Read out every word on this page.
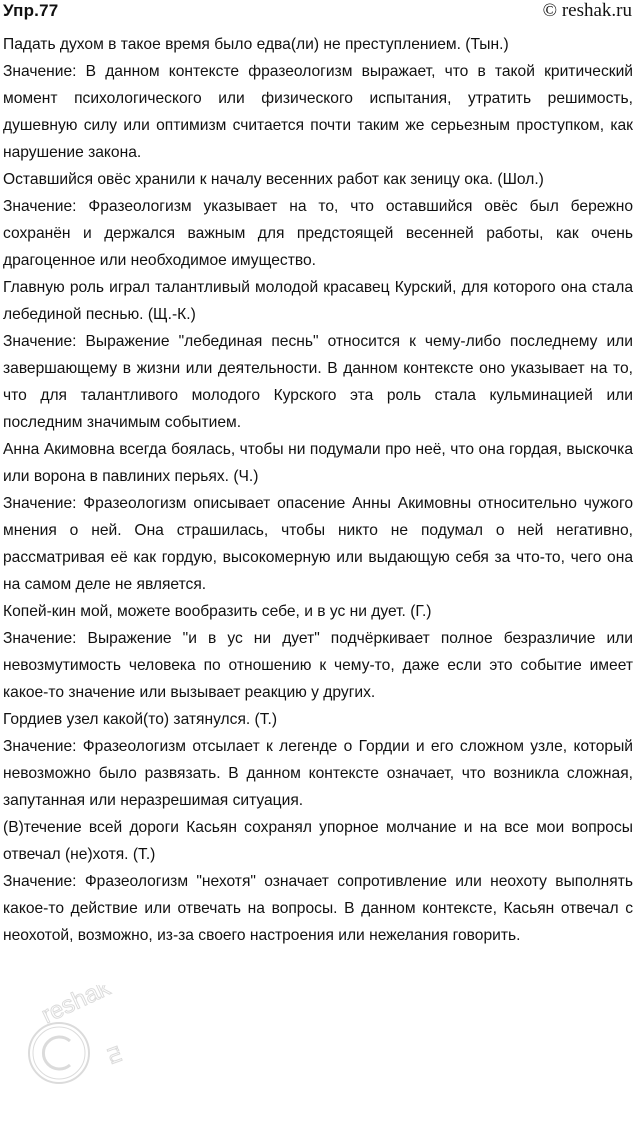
Упр.77	© reshak.ru

Падать духом в такое время было едва(ли) не преступлением. (Тын.)

Значение: В данном контексте фразеологизм выражает, что в такой критический момент психологического или физического испытания, утратить решимость, душевную силу или оптимизм считается почти таким же серьезным проступком, как нарушение закона.

Оставшийся овёс хранили к началу весенних работ как зеницу ока. (Шол.)

Значение: Фразеологизм указывает на то, что оставшийся овёс был бережно сохранён и держался важным для предстоящей весенней работы, как очень драгоценное или необходимое имущество.

Главную роль играл талантливый молодой красавец Курский, для которого она стала лебединой песнью. (Щ.-К.)

Значение: Выражение "лебединая песнь" относится к чему-либо последнему или завершающему в жизни или деятельности. В данном контексте оно указывает на то, что для талантливого молодого Курского эта роль стала кульминацией или последним значимым событием.

Анна Акимовна всегда боялась, чтобы ни подумали про неё, что она гордая, выскочка или ворона в павлиних перьях. (Ч.)

Значение: Фразеологизм описывает опасение Анны Акимовны относительно чужого мнения о ней. Она страшилась, чтобы никто не подумал о ней негативно, рассматривая её как гордую, высокомерную или выдающую себя за что-то, чего она на самом деле не является.

Копей-кин мой, можете вообразить себе, и в ус ни дует. (Г.)

Значение: Выражение "и в ус ни дует" подчёркивает полное безразличие или невозмутимость человека по отношению к чему-то, даже если это событие имеет какое-то значение или вызывает реакцию у других.

Гордиев узел какой(то) затянулся. (Т.)

Значение: Фразеологизм отсылает к легенде о Гордии и его сложном узле, который невозможно было развязать. В данном контексте означает, что возникла сложная, запутанная или неразрешимая ситуация.

(В)течение всей дороги Касьян сохранял упорное молчание и на все мои вопросы отвечал (не)хотя. (Т.)

Значение: Фразеологизм "нехотя" означает сопротивление или неохоту выполнять какое-то действие или отвечать на вопросы. В данном контексте, Касьян отвечал с неохотой, возможно, из-за своего настроения или нежелания говорить.

reshak
ru
